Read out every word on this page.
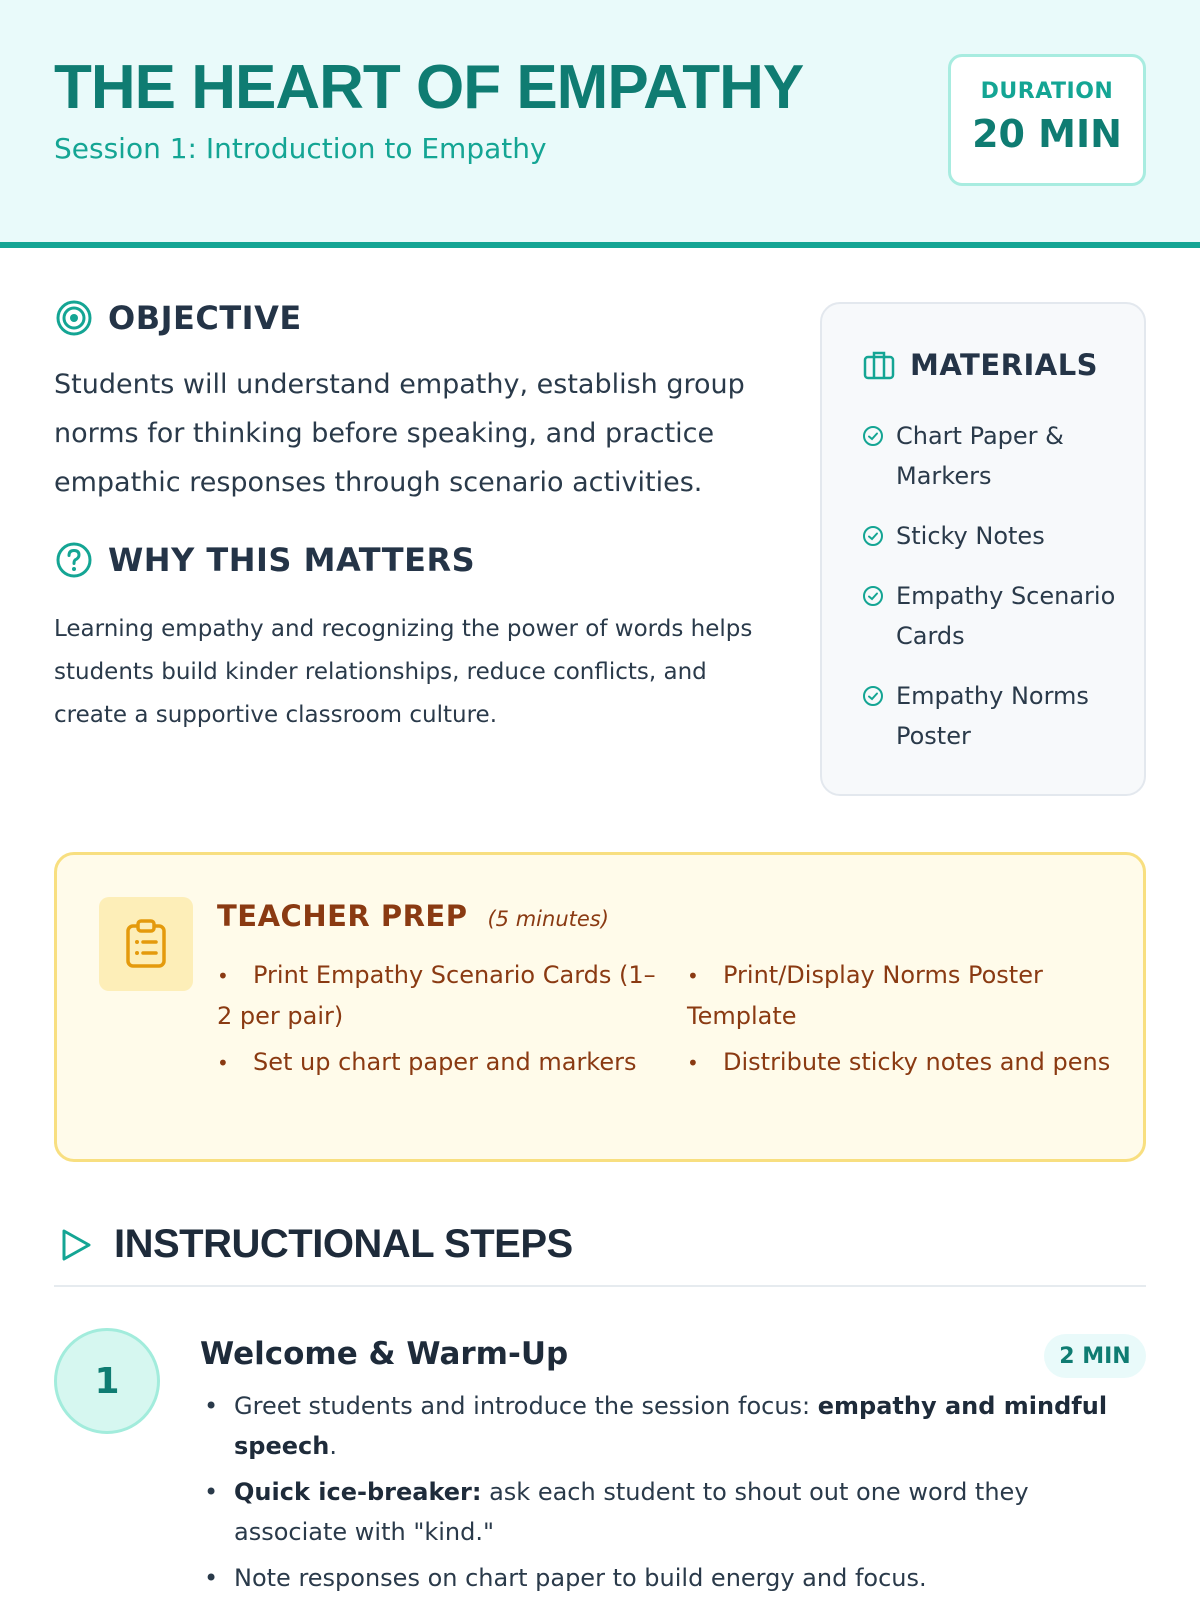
THE HEART OF EMPATHY
Session 1: Introduction to Empathy
DURATION
20 MIN
OBJECTIVE
Students will understand empathy, establish group norms for thinking before speaking, and practice empathic responses through scenario activities.
WHY THIS MATTERS
Learning empathy and recognizing the power of words helps students build kinder relationships, reduce conflicts, and create a supportive classroom culture.
MATERIALS
Chart Paper & Markers
Sticky Notes
Empathy Scenario Cards
Empathy Norms Poster
TEACHER PREP (5 minutes)
• Print Empathy Scenario Cards (1–2 per pair)
• Set up chart paper and markers
• Print/Display Norms Poster Template
• Distribute sticky notes and pens
INSTRUCTIONAL STEPS
1
Welcome & Warm-Up	2 MIN
• Greet students and introduce the session focus: empathy and mindful speech.
• Quick ice-breaker: ask each student to shout out one word they associate with "kind."
• Note responses on chart paper to build energy and focus.
